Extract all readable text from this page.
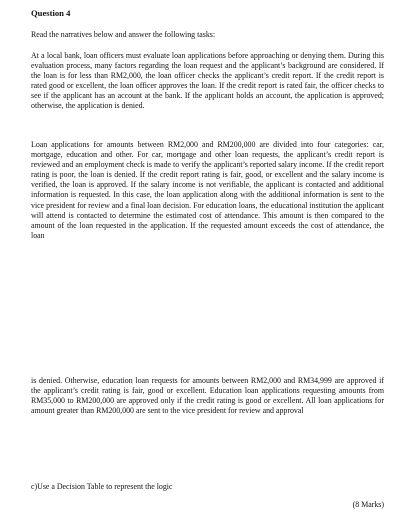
Question 4

Read the narratives below and answer the following tasks:

At a local bank, loan officers must evaluate loan applications before approaching or denying them. During this evaluation process, many factors regarding the loan request and the applicant’s background are considered. If the loan is for less than RM2,000, the loan officer checks the applicant’s credit report. If the credit report is rated good or excellent, the loan officer approves the loan. If the credit report is rated fair, the officer checks to see if the applicant has an account at the bank. If the applicant holds an account, the application is approved; otherwise, the application is denied.

Loan applications for amounts between RM2,000 and RM200,000 are divided into four categories: car, mortgage, education and other. For car, mortgage and other loan requests, the applicant’s credit report is reviewed and an employment check is made to verify the applicant’s reported salary income. If the credit report rating is poor, the loan is denied. If the credit report rating is fair, good, or excellent and the salary income is verified, the loan is approved. If the salary income is not verifiable, the applicant is contacted and additional information is requested. In this case, the loan application along with the additional information is sent to the vice president for review and a final loan decision. For education loans, the educational institution the applicant will attend is contacted to determine the estimated cost of attendance. This amount is then compared to the amount of the loan requested in the application. If the requested amount exceeds the cost of attendance, the loan

is denied. Otherwise, education loan requests for amounts between RM2,000 and RM34,999 are approved if the applicant’s credit rating is fair, good or excellent. Education loan applications requesting amounts from RM35,000 to RM200,000 are approved only if the credit rating is good or excellent. All loan applications for amount greater than RM200,000 are sent to the vice president for review and approval

c)Use a Decision Table to represent the logic

(8 Marks)
